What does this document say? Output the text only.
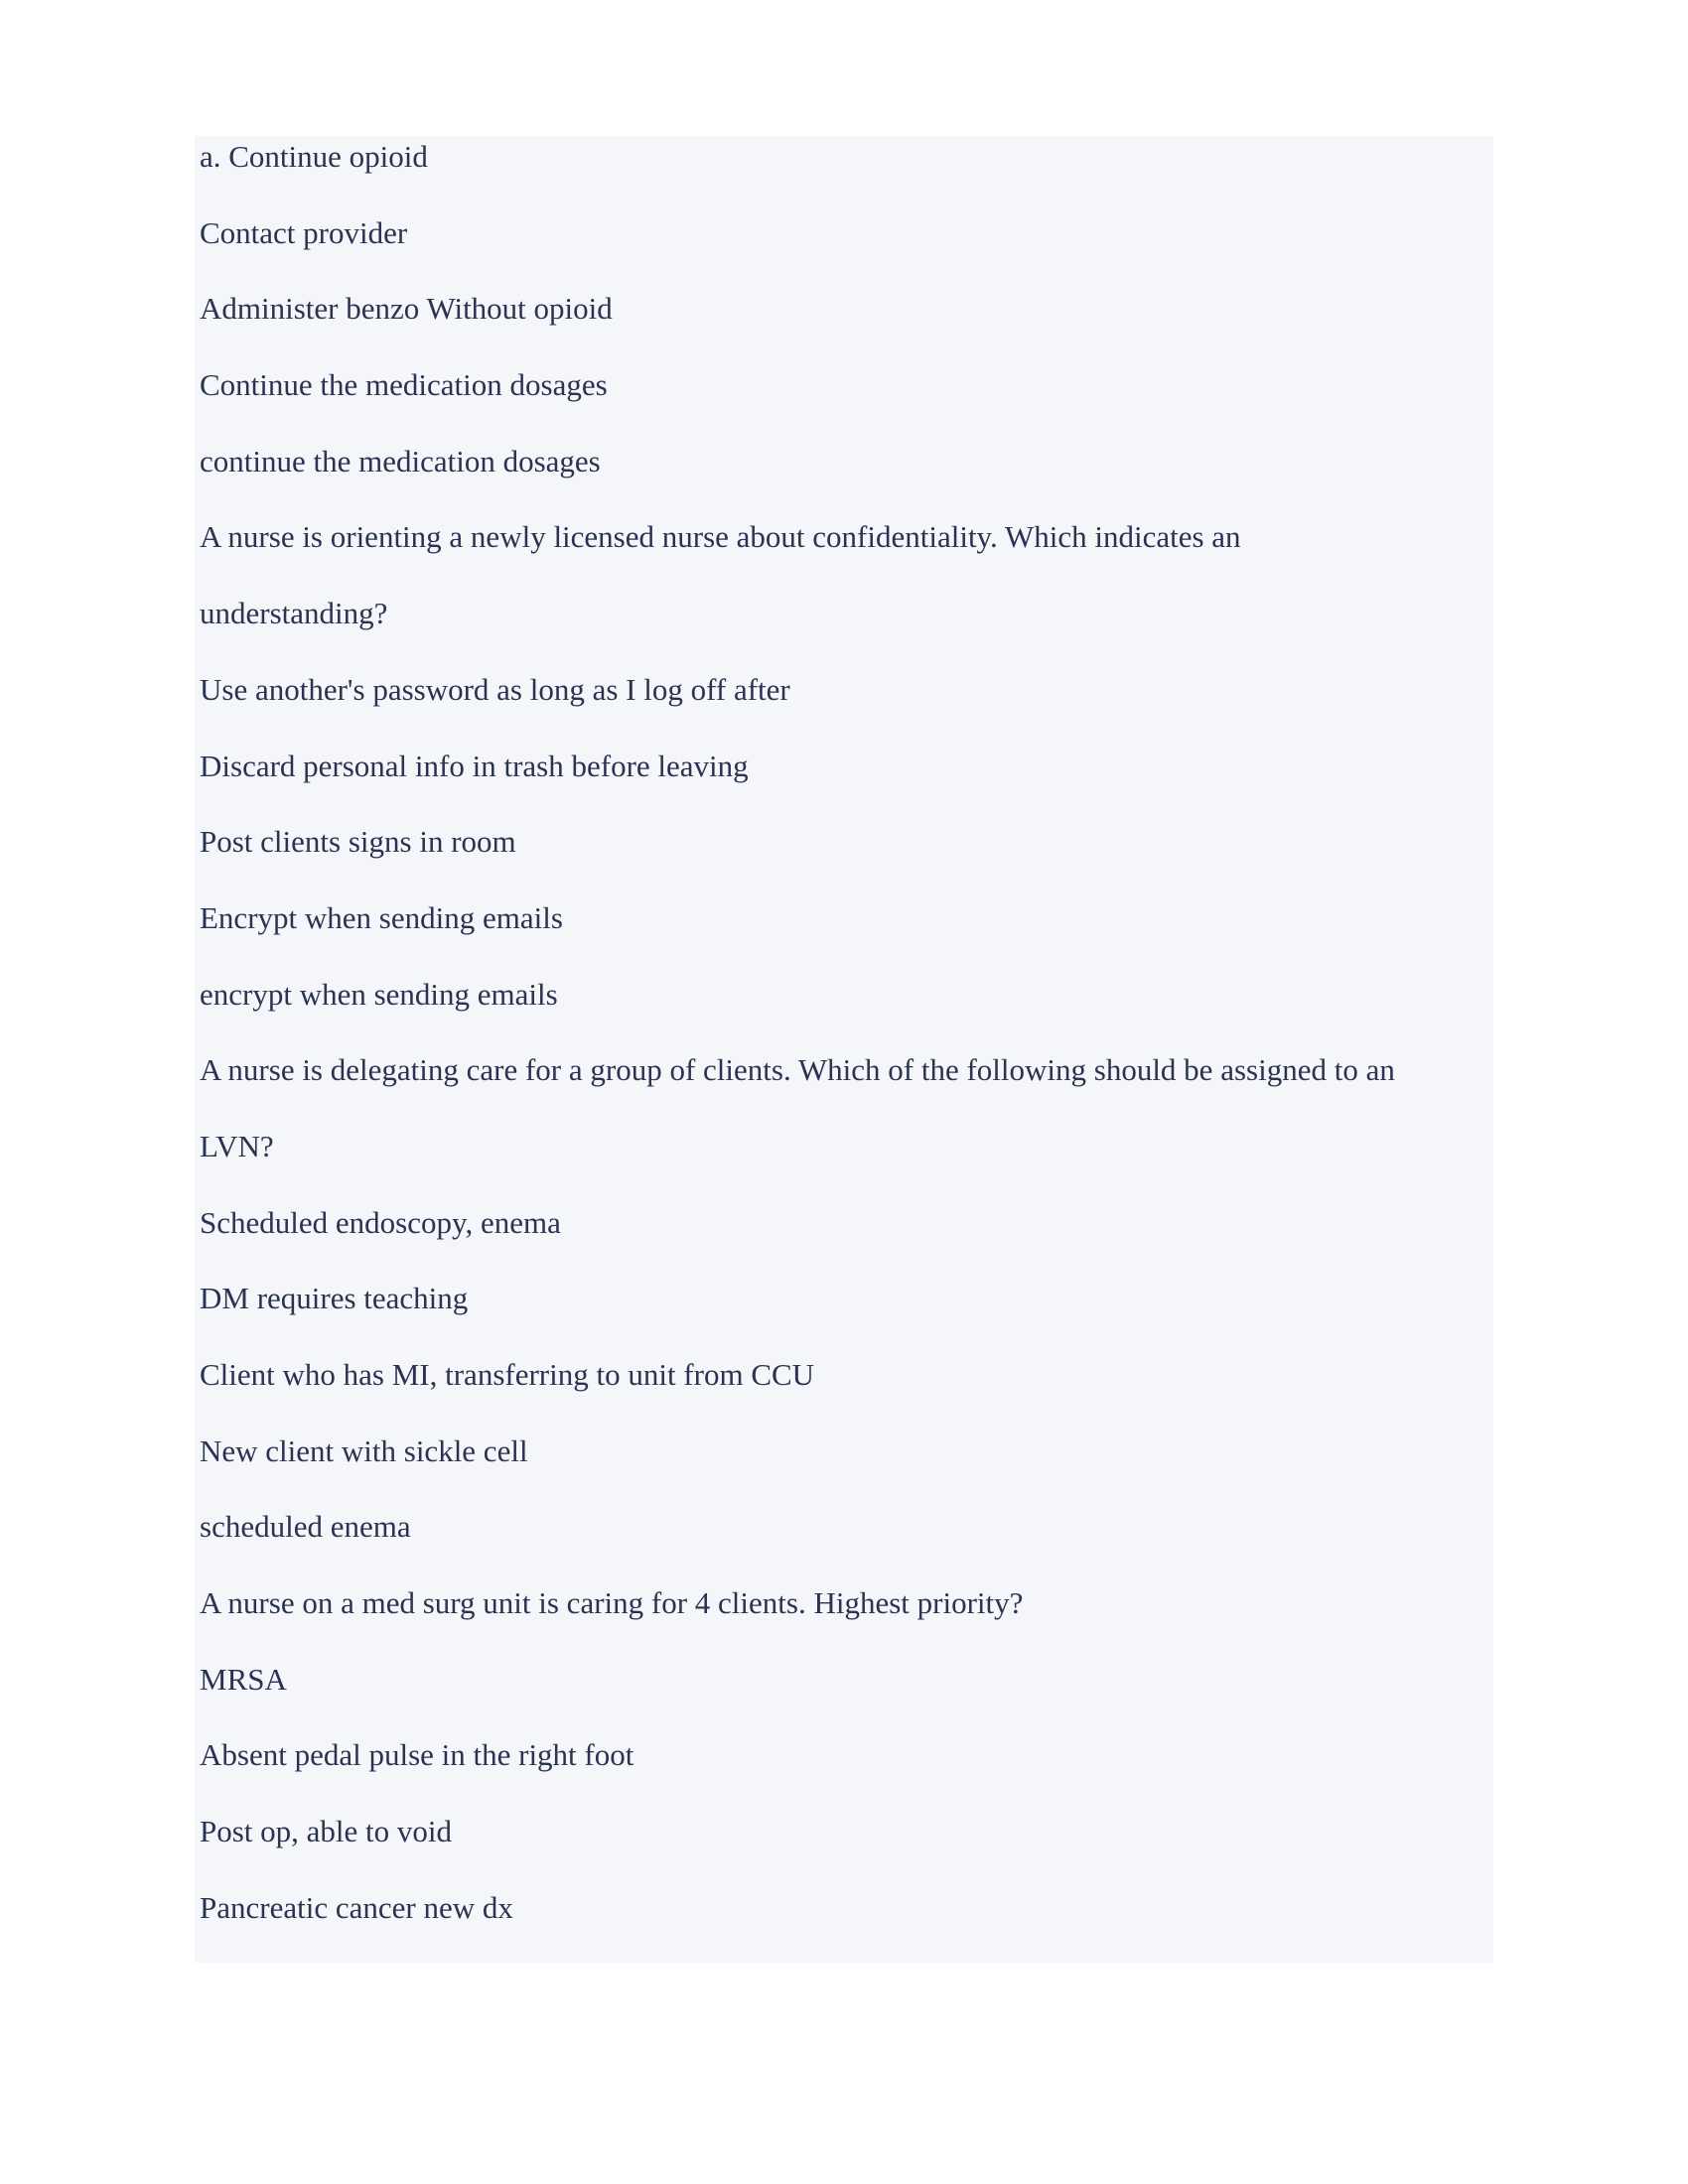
a. Continue opioid
Contact provider
Administer benzo Without opioid
Continue the medication dosages
continue the medication dosages
A nurse is orienting a newly licensed nurse about confidentiality. Which indicates an
understanding?
Use another's password as long as I log off after
Discard personal info in trash before leaving
Post clients signs in room
Encrypt when sending emails
encrypt when sending emails
A nurse is delegating care for a group of clients. Which of the following should be assigned to an
LVN?
Scheduled endoscopy, enema
DM requires teaching
Client who has MI, transferring to unit from CCU
New client with sickle cell
scheduled enema
A nurse on a med surg unit is caring for 4 clients. Highest priority?
MRSA
Absent pedal pulse in the right foot
Post op, able to void
Pancreatic cancer new dx
